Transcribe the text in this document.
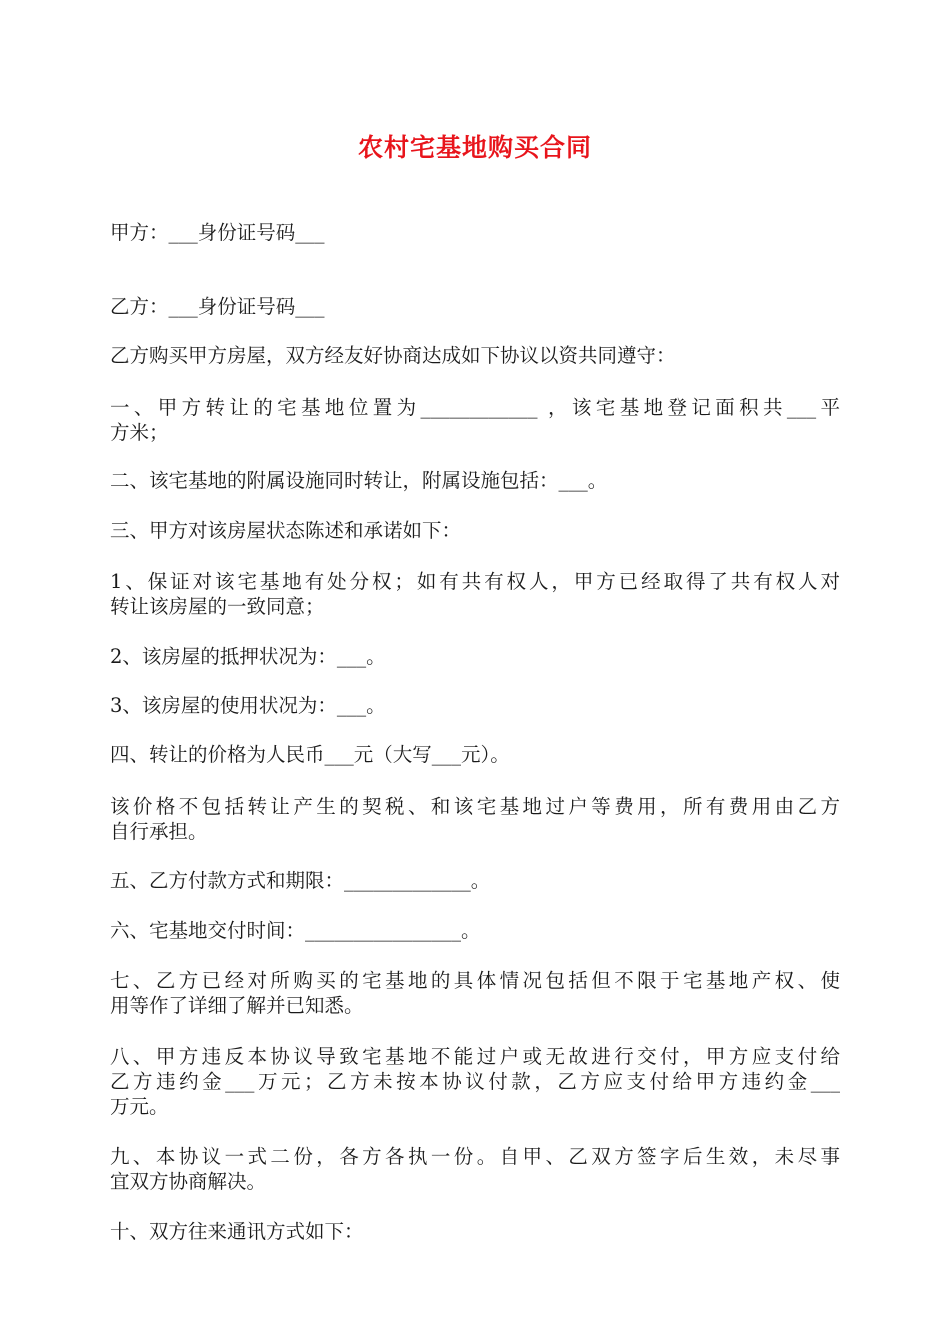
农村宅基地购买合同
甲方：___身份证号码___
乙方：___身份证号码___
乙方购买甲方房屋，双方经友好协商达成如下协议以资共同遵守：
一、甲方转让的宅基地位置为____________ ，该宅基地登记面积共___平
方米；
二、该宅基地的附属设施同时转让，附属设施包括：___。
三、甲方对该房屋状态陈述和承诺如下：
1、保证对该宅基地有处分权；如有共有权人，甲方已经取得了共有权人对
转让该房屋的一致同意；
2、该房屋的抵押状况为：___。
3、该房屋的使用状况为：___。
四、转让的价格为人民币___元（大写___元）。
该价格不包括转让产生的契税、和该宅基地过户等费用，所有费用由乙方
自行承担。
五、乙方付款方式和期限：_____________。
六、宅基地交付时间：________________。
七、乙方已经对所购买的宅基地的具体情况包括但不限于宅基地产权、使
用等作了详细了解并已知悉。
八、甲方违反本协议导致宅基地不能过户或无故进行交付，甲方应支付给
乙方违约金___万元；乙方未按本协议付款，乙方应支付给甲方违约金___
万元。
九、本协议一式二份，各方各执一份。自甲、乙双方签字后生效，未尽事
宜双方协商解决。
十、双方往来通讯方式如下：
